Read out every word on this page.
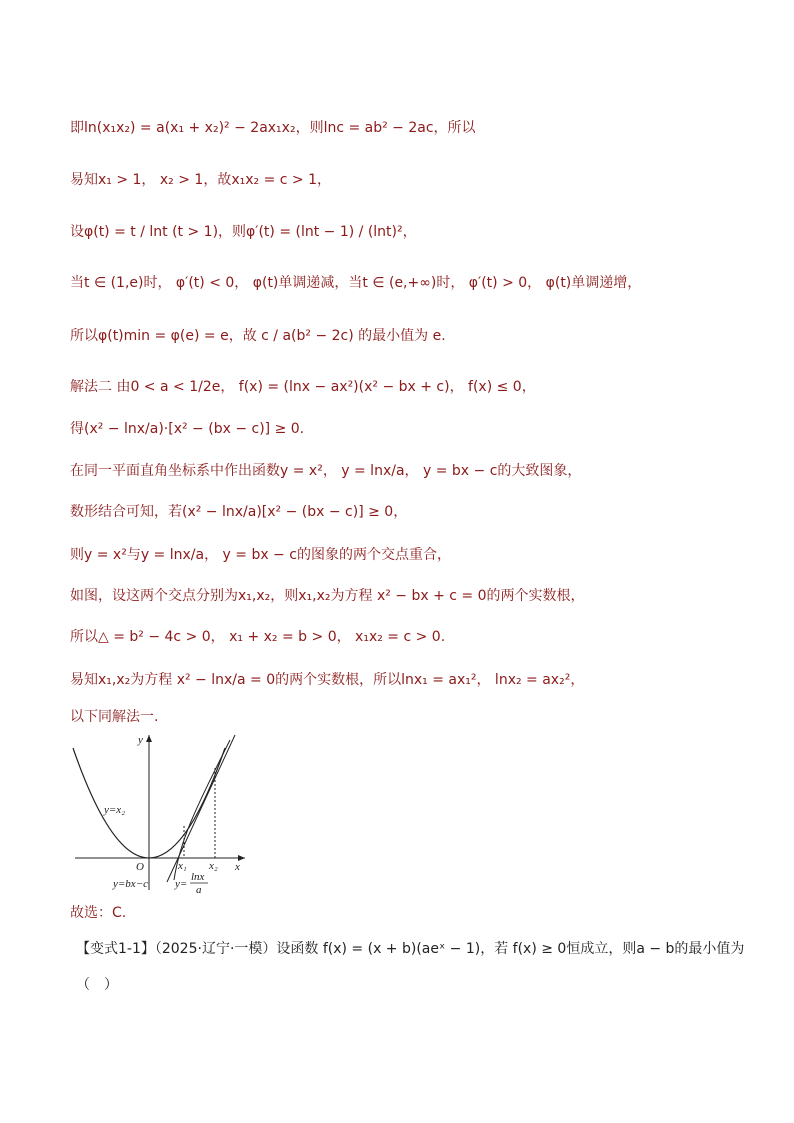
即ln(x₁x₂) = a(x₁ + x₂)² − 2ax₁x₂，则lnc = ab² − 2ac，所以
易知x₁ > 1， x₂ > 1，故x₁x₂ = c > 1，
设φ(t) = t / lnt (t > 1)，则φ′(t) = (lnt − 1) / (lnt)²，
当t ∈ (1,e)时， φ′(t) < 0， φ(t)单调递减，当t ∈ (e,+∞)时， φ′(t) > 0， φ(t)单调递增，
所以φ(t)min = φ(e) = e，故 c / a(b² − 2c) 的最小值为 e.
解法二 由0 < a < 1/2e， f(x) = (lnx − ax²)(x² − bx + c)， f(x) ≤ 0，
得(x² − lnx/a)·[x² − (bx − c)] ≥ 0.
在同一平面直角坐标系中作出函数y = x²， y = lnx/a， y = bx − c的大致图象，
数形结合可知，若(x² − lnx/a)[x² − (bx − c)] ≥ 0，
则y = x²与y = lnx/a， y = bx − c的图象的两个交点重合，
如图，设这两个交点分别为x₁,x₂，则x₁,x₂为方程 x² − bx + c = 0的两个实数根，
所以△ = b² − 4c > 0， x₁ + x₂ = b > 0， x₁x₂ = c > 0.
易知x₁,x₂为方程 x² − lnx/a = 0的两个实数根，所以lnx₁ = ax₁²， lnx₂ = ax₂²，
以下同解法一.
y
x
O
y=x₂
x₁ x₂
y=bx−c y=
lnx
a
故选：C.
【变式1-1】（2025·辽宁·一模）设函数 f(x) = (x + b)(aeˣ − 1)，若 f(x) ≥ 0恒成立，则a − b的最小值为
（　）
